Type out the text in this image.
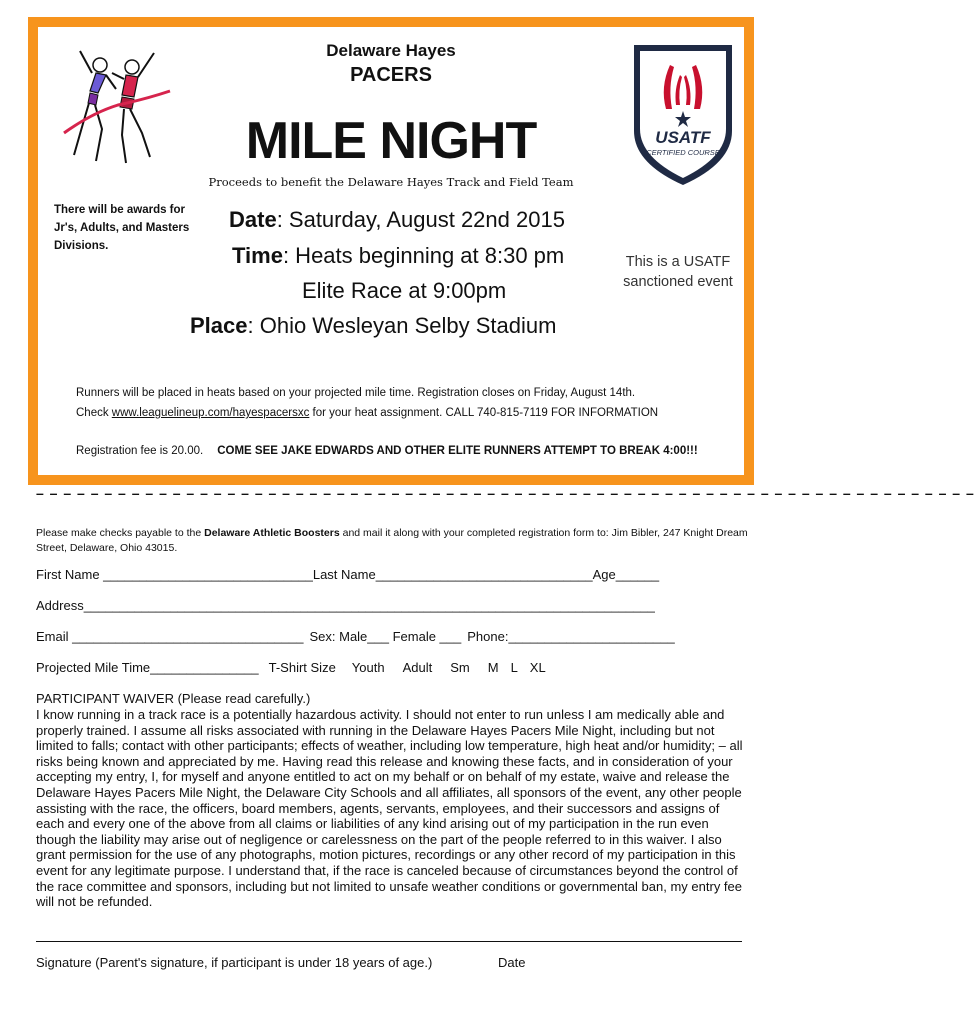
Delaware Hayes
PACERS
MILE NIGHT
Proceeds to benefit the Delaware Hayes Track and Field Team
USATF
CERTIFIED COURSE
There will be awards for Jr's, Adults, and Masters Divisions.
Date: Saturday, August 22nd 2015
Time: Heats beginning at 8:30 pm
Elite Race at 9:00pm
Place: Ohio Wesleyan Selby Stadium
This is a USATF sanctioned event
Runners will be placed in heats based on your projected mile time. Registration closes on Friday, August 14th.
Check www.leaguelineup.com/hayespacersxc for your heat assignment. CALL 740-815-7119 FOR INFORMATION
Registration fee is 20.00. COME SEE JAKE EDWARDS AND OTHER ELITE RUNNERS ATTEMPT TO BREAK 4:00!!!
– – – – – – – – – – – – – – – – – – – – – – – – – – – – – – – – – – – – – – – – – – – – – – – – – – – – – – – – – – – – – – – – – – – – –
Please make checks payable to the Delaware Athletic Boosters and mail it along with your completed registration form to: Jim Bibler, 247 Knight Dream Street, Delaware, Ohio 43015.
First Name _____________________________Last Name______________________________Age______
Address_______________________________________________________________________________
Email ________________________________ Sex: Male___ Female ___ Phone:_______________________
Projected Mile Time_______________ T-Shirt Size Youth Adult Sm M L XL
PARTICIPANT WAIVER (Please read carefully.)
I know running in a track race is a potentially hazardous activity. I should not enter to run unless I am medically able and properly trained. I assume all risks associated with running in the Delaware Hayes Pacers Mile Night, including but not limited to falls; contact with other participants; effects of weather, including low temperature, high heat and/or humidity; – all risks being known and appreciated by me. Having read this release and knowing these facts, and in consideration of your accepting my entry, I, for myself and anyone entitled to act on my behalf or on behalf of my estate, waive and release the Delaware Hayes Pacers Mile Night, the Delaware City Schools and all affiliates, all sponsors of the event, any other people assisting with the race, the officers, board members, agents, servants, employees, and their successors and assigns of each and every one of the above from all claims or liabilities of any kind arising out of my participation in the run even though the liability may arise out of negligence or carelessness on the part of the people referred to in this waiver. I also grant permission for the use of any photographs, motion pictures, recordings or any other record of my participation in this event for any legitimate purpose. I understand that, if the race is canceled because of circumstances beyond the control of the race committee and sponsors, including but not limited to unsafe weather conditions or governmental ban, my entry fee will not be refunded.
Signature (Parent's signature, if participant is under 18 years of age.)	Date
